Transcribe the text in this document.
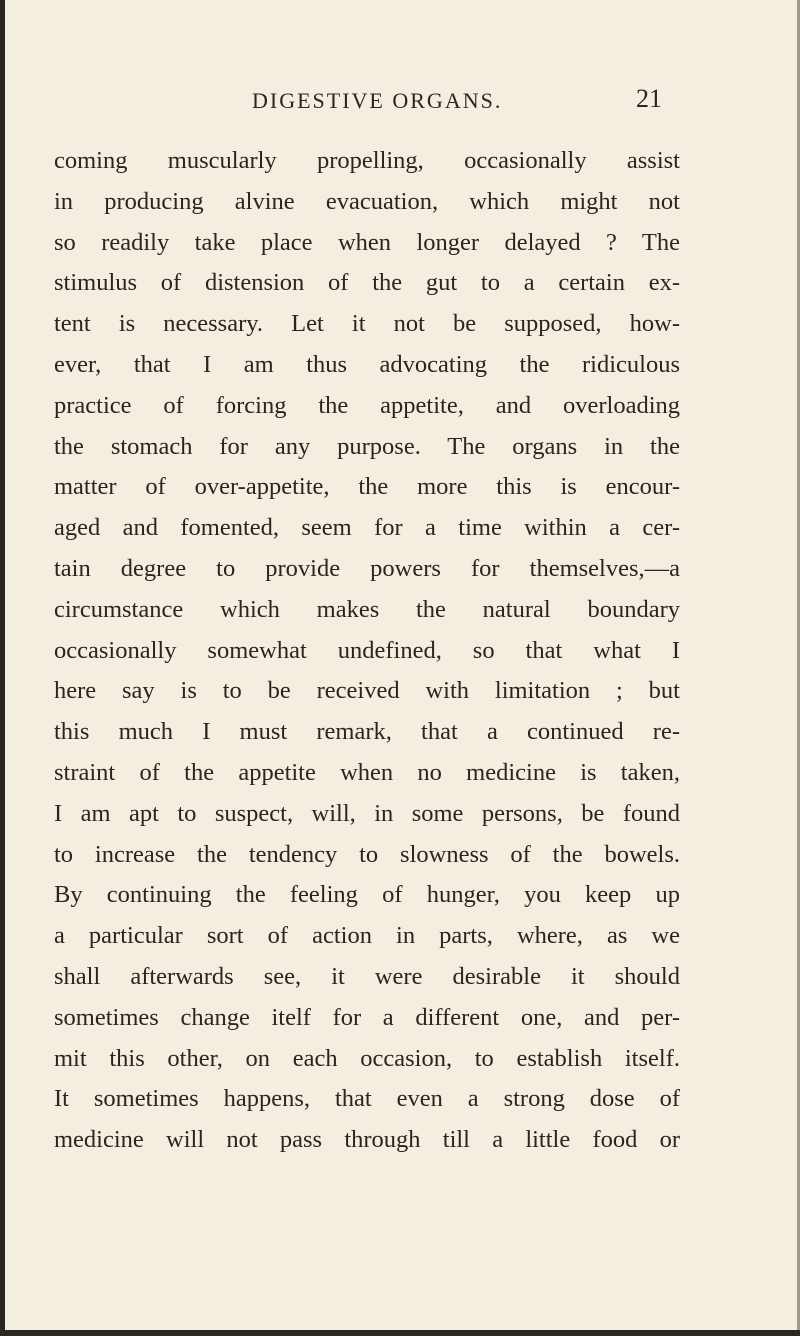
DIGESTIVE ORGANS.	21
coming muscularly propelling, occasionally assist
in producing alvine evacuation, which might not
so readily take place when longer delayed ? The
stimulus of distension of the gut to a certain ex-
tent is necessary. Let it not be supposed, how-
ever, that I am thus advocating the ridiculous
practice of forcing the appetite, and overloading
the stomach for any purpose. The organs in the
matter of over-appetite, the more this is encour-
aged and fomented, seem for a time within a cer-
tain degree to provide powers for themselves,—a
circumstance which makes the natural boundary
occasionally somewhat undefined, so that what I
here say is to be received with limitation ; but
this much I must remark, that a continued re-
straint of the appetite when no medicine is taken,
I am apt to suspect, will, in some persons, be found
to increase the tendency to slowness of the bowels.
By continuing the feeling of hunger, you keep up
a particular sort of action in parts, where, as we
shall afterwards see, it were desirable it should
sometimes change itelf for a different one, and per-
mit this other, on each occasion, to establish itself.
It sometimes happens, that even a strong dose of
medicine will not pass through till a little food or
